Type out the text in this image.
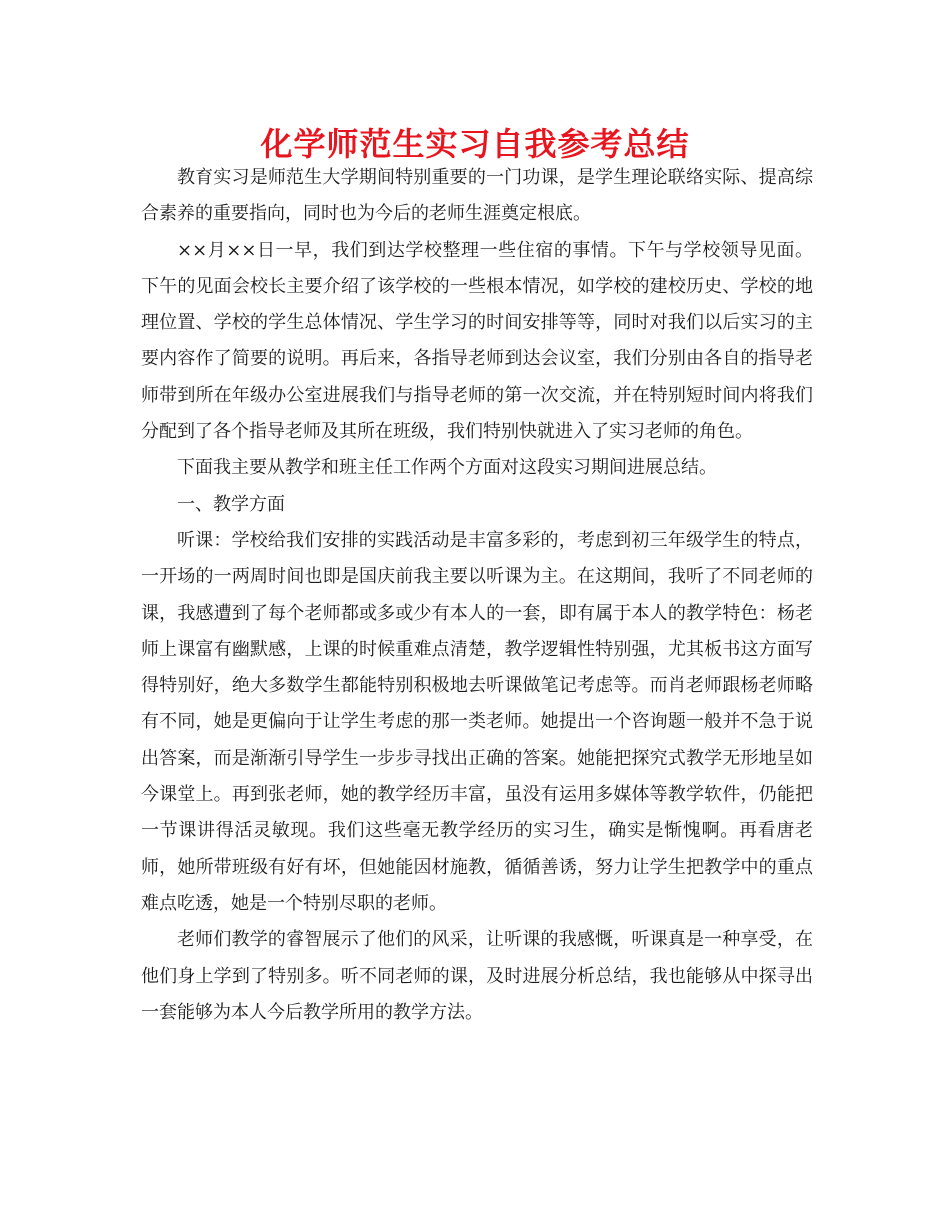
化学师范生实习自我参考总结

教育实习是师范生大学期间特别重要的一门功课，是学生理论联络实际、提高综合素养的重要指向，同时也为今后的老师生涯奠定根底。

××月××日一早，我们到达学校整理一些住宿的事情。下午与学校领导见面。下午的见面会校长主要介绍了该学校的一些根本情况，如学校的建校历史、学校的地理位置、学校的学生总体情况、学生学习的时间安排等等，同时对我们以后实习的主要内容作了简要的说明。再后来，各指导老师到达会议室，我们分别由各自的指导老师带到所在年级办公室进展我们与指导老师的第一次交流，并在特别短时间内将我们分配到了各个指导老师及其所在班级，我们特别快就进入了实习老师的角色。

下面我主要从教学和班主任工作两个方面对这段实习期间进展总结。

一、教学方面

听课：学校给我们安排的实践活动是丰富多彩的，考虑到初三年级学生的特点，一开场的一两周时间也即是国庆前我主要以听课为主。在这期间，我听了不同老师的课，我感遭到了每个老师都或多或少有本人的一套，即有属于本人的教学特色：杨老师上课富有幽默感，上课的时候重难点清楚，教学逻辑性特别强，尤其板书这方面写得特别好，绝大多数学生都能特别积极地去听课做笔记考虑等。而肖老师跟杨老师略有不同，她是更偏向于让学生考虑的那一类老师。她提出一个咨询题一般并不急于说出答案，而是渐渐引导学生一步步寻找出正确的答案。她能把探究式教学无形地呈如今课堂上。再到张老师，她的教学经历丰富，虽没有运用多媒体等教学软件，仍能把一节课讲得活灵敏现。我们这些毫无教学经历的实习生，确实是惭愧啊。再看唐老师，她所带班级有好有坏，但她能因材施教，循循善诱，努力让学生把教学中的重点难点吃透，她是一个特别尽职的老师。

老师们教学的睿智展示了他们的风采，让听课的我感慨，听课真是一种享受，在他们身上学到了特别多。听不同老师的课，及时进展分析总结，我也能够从中探寻出一套能够为本人今后教学所用的教学方法。
